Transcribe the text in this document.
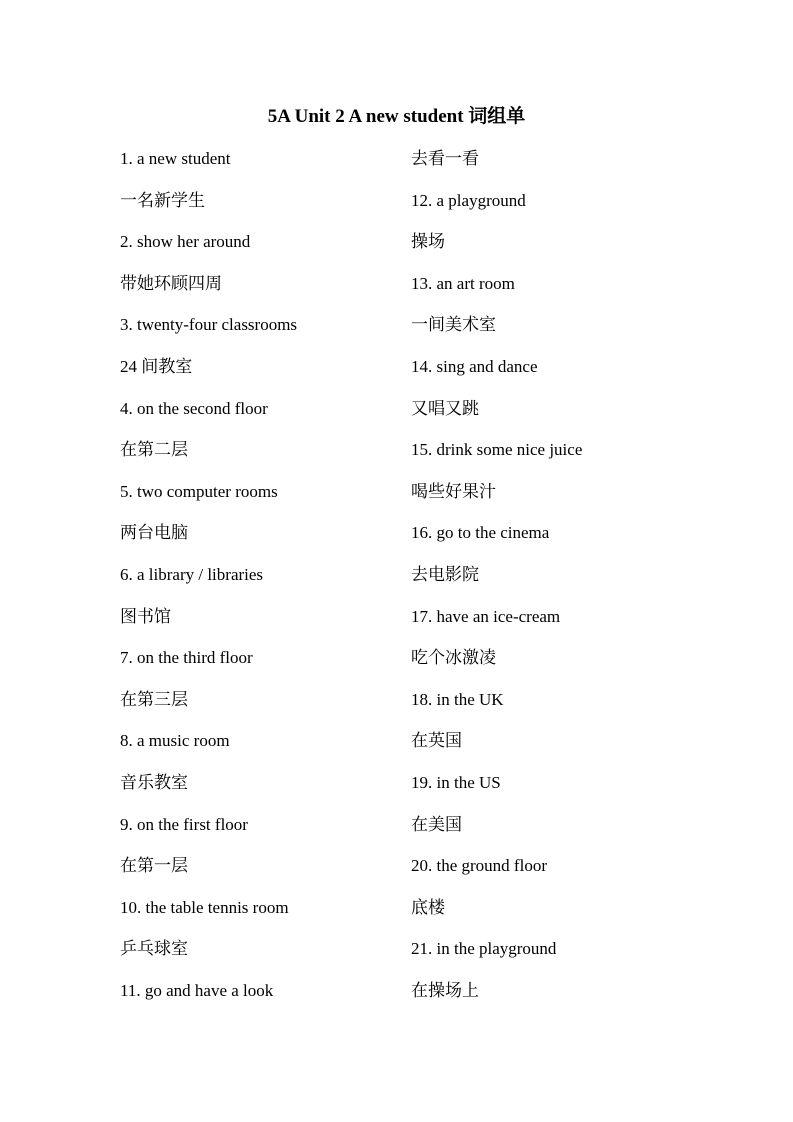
5A Unit 2 A new student 词组单
1. a new student
一名新学生
2. show her around
带她环顾四周
3. twenty-four classrooms
24 间教室
4. on the second floor
在第二层
5. two computer rooms
两台电脑
6. a library / libraries
图书馆
7. on the third floor
在第三层
8. a music room
音乐教室
9. on the first floor
在第一层
10. the table tennis room
乒乓球室
11. go and have a look
去看一看
12. a playground
操场
13. an art room
一间美术室
14. sing and dance
又唱又跳
15. drink some nice juice
喝些好果汁
16. go to the cinema
去电影院
17. have an ice-cream
吃个冰激凌
18. in the UK
在英国
19. in the US
在美国
20. the ground floor
底楼
21. in the playground
在操场上
